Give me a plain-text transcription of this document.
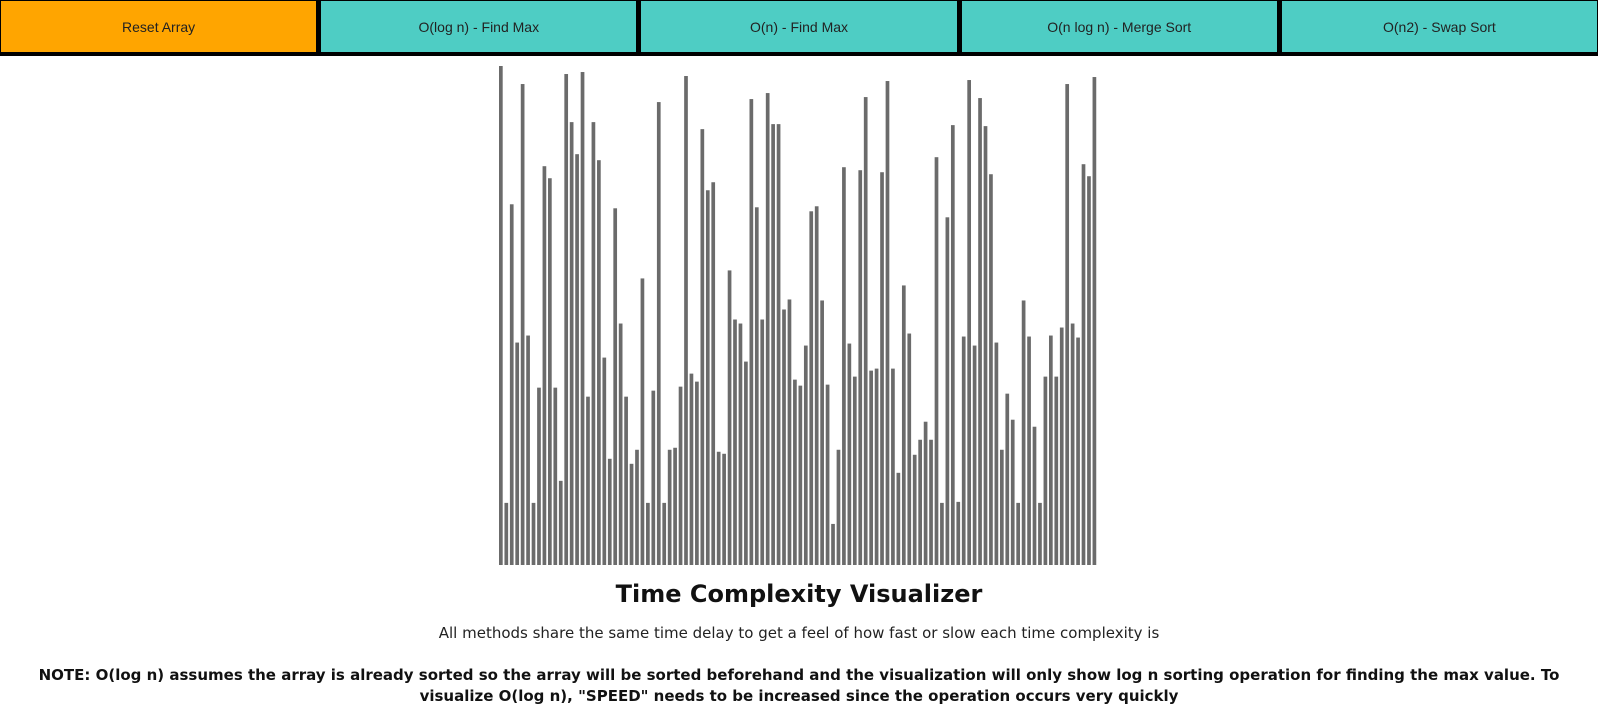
Reset Array	O(log n) - Find Max	O(n) - Find Max	O(n log n) - Merge Sort	O(n2) - Swap Sort
Time Complexity Visualizer

All methods share the same time delay to get a feel of how fast or slow each time complexity is

NOTE: O(log n) assumes the array is already sorted so the array will be sorted beforehand and the visualization will only show log n sorting operation for finding the max value. To visualize O(log n), "SPEED" needs to be increased since the operation occurs very quickly
